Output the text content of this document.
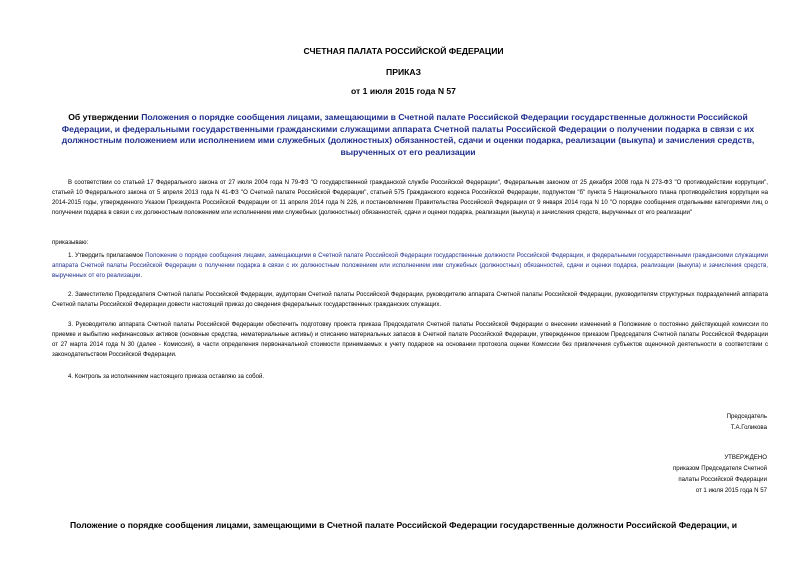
СЧЕТНАЯ ПАЛАТА РОССИЙСКОЙ ФЕДЕРАЦИИ
ПРИКАЗ
от 1 июля 2015 года N 57
Об утверждении Положения о порядке сообщения лицами, замещающими в Счетной палате Российской Федерации государственные должности Российской Федерации, и федеральными государственными гражданскими служащими аппарата Счетной палаты Российской Федерации о получении подарка в связи с их должностным положением или исполнением ими служебных (должностных) обязанностей, сдачи и оценки подарка, реализации (выкупа) и зачисления средств, вырученных от его реализации
В соответствии со статьей 17 Федерального закона от 27 июля 2004 года N 79-ФЗ "О государственной гражданской службе Российской Федерации", Федеральным законом от 25 декабря 2008 года N 273-ФЗ "О противодействии коррупции", статьей 10 Федерального закона от 5 апреля 2013 года N 41-ФЗ "О Счетной палате Российской Федерации", статьей 575 Гражданского кодекса Российской Федерации, подпунктом "б" пункта 5 Национального плана противодействия коррупции на 2014-2015 годы, утвержденного Указом Президента Российской Федерации от 11 апреля 2014 года N 226, и постановлением Правительства Российской Федерации от 9 января 2014 года N 10 "О порядке сообщения отдельными категориями лиц о получении подарка в связи с их должностным положением или исполнением ими служебных (должностных) обязанностей, сдачи и оценки подарка, реализации (выкупа) и зачисления средств, вырученных от его реализации"
приказываю:
1. Утвердить прилагаемое Положение о порядке сообщения лицами, замещающими в Счетной палате Российской Федерации государственные должности Российской Федерации, и федеральными государственными гражданскими служащими аппарата Счетной палаты Российской Федерации о получении подарка в связи с их должностным положением или исполнением ими служебных (должностных) обязанностей, сдачи и оценки подарка, реализации (выкупа) и зачисления средств, вырученных от его реализации.
2. Заместителю Председателя Счетной палаты Российской Федерации, аудиторам Счетной палаты Российской Федерации, руководителю аппарата Счетной палаты Российской Федерации, руководителям структурных подразделений аппарата Счетной палаты Российской Федерации довести настоящий приказ до сведения федеральных государственных гражданских служащих.
3. Руководителю аппарата Счетной палаты Российской Федерации обеспечить подготовку проекта приказа Председателя Счетной палаты Российской Федерации о внесении изменений в Положение о постоянно действующей комиссии по приемке и выбытию нефинансовых активов (основные средства, нематериальные активы) и списанию материальных запасов в Счетной палате Российской Федерации, утвержденное приказом Председателя Счетной палаты Российской Федерации от 27 марта 2014 года N 30 (далее - Комиссия), в части определения первоначальной стоимости принимаемых к учету подарков на основании протокола оценки Комиссии без привлечения субъектов оценочной деятельности в соответствии с законодательством Российской Федерации.
4. Контроль за исполнением настоящего приказа оставляю за собой.
Председатель
Т.А.Голикова
УТВЕРЖДЕНО
приказом Председателя Счетной
палаты Российской Федерации
от 1 июля 2015 года N 57
Положение о порядке сообщения лицами, замещающими в Счетной палате Российской Федерации государственные должности Российской Федерации, и
